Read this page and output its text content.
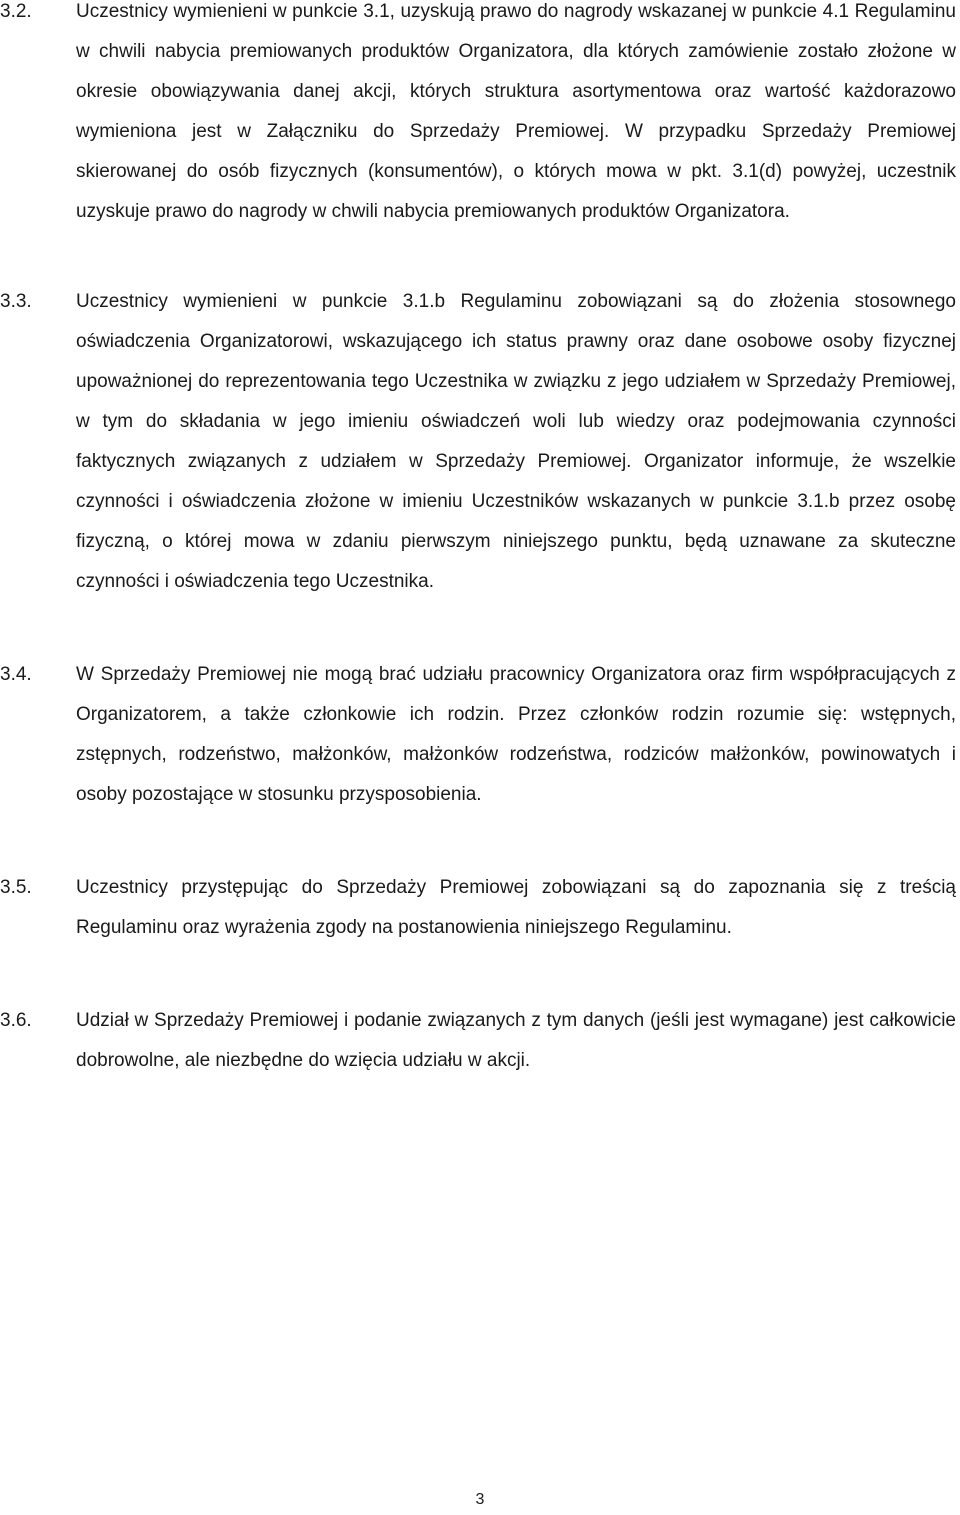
3.2. Uczestnicy wymienieni w punkcie 3.1, uzyskują prawo do nagrody wskazanej w punkcie 4.1 Regulaminu w chwili nabycia premiowanych produktów Organizatora, dla których zamówienie zostało złożone w okresie obowiązywania danej akcji, których struktura asortymentowa oraz wartość każdorazowo wymieniona jest w Załączniku do Sprzedaży Premiowej. W przypadku Sprzedaży Premiowej skierowanej do osób fizycznych (konsumentów), o których mowa w pkt. 3.1(d) powyżej, uczestnik uzyskuje prawo do nagrody w chwili nabycia premiowanych produktów Organizatora.
3.3. Uczestnicy wymienieni w punkcie 3.1.b Regulaminu zobowiązani są do złożenia stosownego oświadczenia Organizatorowi, wskazującego ich status prawny oraz dane osobowe osoby fizycznej upoważnionej do reprezentowania tego Uczestnika w związku z jego udziałem w Sprzedaży Premiowej, w tym do składania w jego imieniu oświadczeń woli lub wiedzy oraz podejmowania czynności faktycznych związanych z udziałem w Sprzedaży Premiowej. Organizator informuje, że wszelkie czynności i oświadczenia złożone w imieniu Uczestników wskazanych w punkcie 3.1.b przez osobę fizyczną, o której mowa w zdaniu pierwszym niniejszego punktu, będą uznawane za skuteczne czynności i oświadczenia tego Uczestnika.
3.4. W Sprzedaży Premiowej nie mogą brać udziału pracownicy Organizatora oraz firm współpracujących z Organizatorem, a także członkowie ich rodzin. Przez członków rodzin rozumie się: wstępnych, zstępnych, rodzeństwo, małżonków, małżonków rodzeństwa, rodziców małżonków, powinowatych i osoby pozostające w stosunku przysposobienia.
3.5. Uczestnicy przystępując do Sprzedaży Premiowej zobowiązani są do zapoznania się z treścią Regulaminu oraz wyrażenia zgody na postanowienia niniejszego Regulaminu.
3.6. Udział w Sprzedaży Premiowej i podanie związanych z tym danych (jeśli jest wymagane) jest całkowicie dobrowolne, ale niezbędne do wzięcia udziału w akcji.
3
